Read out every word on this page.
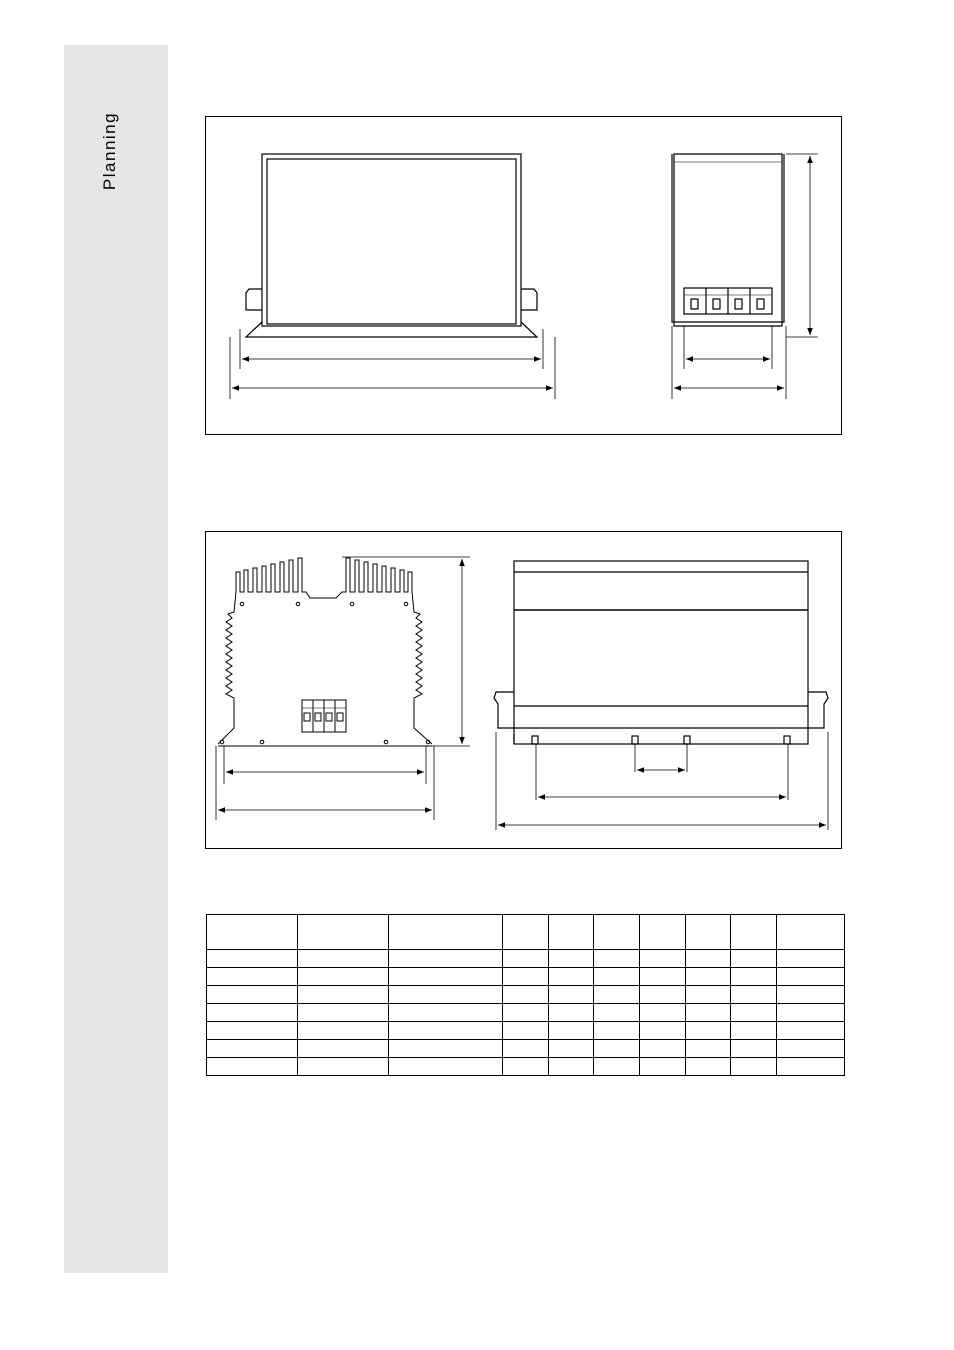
Planning
